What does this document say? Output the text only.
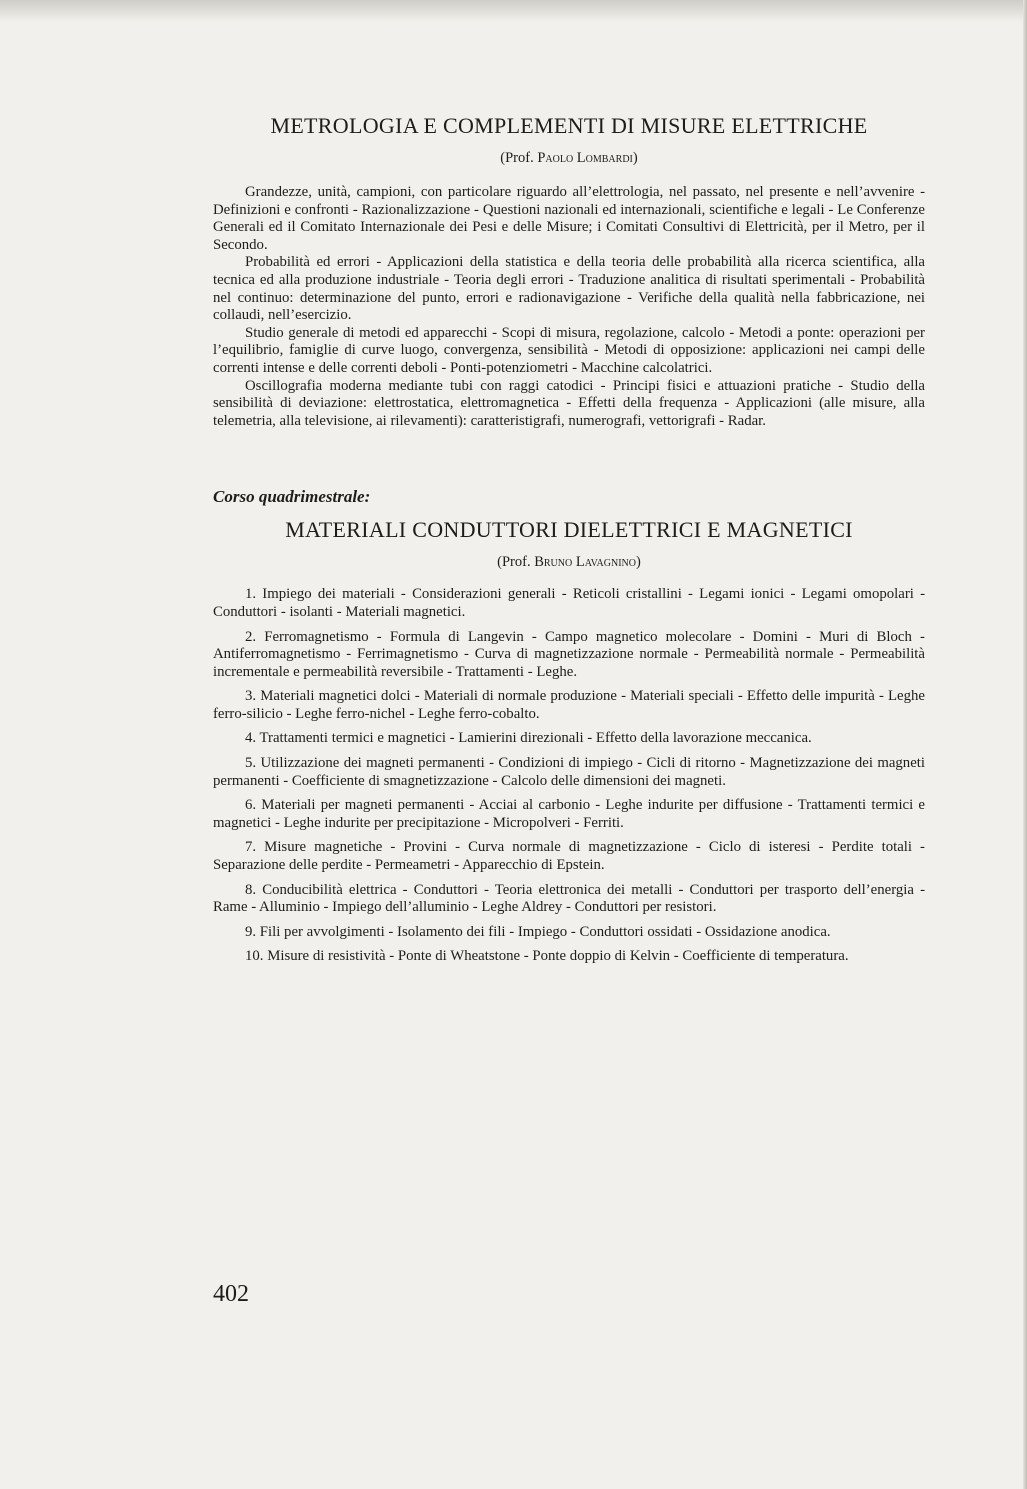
METROLOGIA E COMPLEMENTI DI MISURE ELETTRICHE
(Prof. Paolo Lombardi)

Grandezze, unità, campioni, con particolare riguardo all’elettrologia, nel passato, nel presente e nell’avvenire - Definizioni e confronti - Razionalizzazione - Questioni nazionali ed internazionali, scientifiche e legali - Le Conferenze Generali ed il Comitato Internazionale dei Pesi e delle Misure; i Comitati Consultivi di Elettricità, per il Metro, per il Secondo.

Probabilità ed errori - Applicazioni della statistica e della teoria delle probabilità alla ricerca scientifica, alla tecnica ed alla produzione industriale - Teoria degli errori - Traduzione analitica di risultati sperimentali - Probabilità nel continuo: determinazione del punto, errori e radionavigazione - Verifiche della qualità nella fabbricazione, nei collaudi, nell’esercizio.

Studio generale di metodi ed apparecchi - Scopi di misura, regolazione, calcolo - Metodi a ponte: operazioni per l’equilibrio, famiglie di curve luogo, convergenza, sensibilità - Metodi di opposizione: applicazioni nei campi delle correnti intense e delle correnti deboli - Ponti-potenziometri - Macchine calcolatrici.

Oscillografia moderna mediante tubi con raggi catodici - Principi fisici e attuazioni pratiche - Studio della sensibilità di deviazione: elettrostatica, elettromagnetica - Effetti della frequenza - Applicazioni (alle misure, alla telemetria, alla televisione, ai rilevamenti): caratteristigrafi, numerografi, vettorigrafi - Radar.

Corso quadrimestrale:
MATERIALI CONDUTTORI DIELETTRICI E MAGNETICI
(Prof. Bruno Lavagnino)

1. Impiego dei materiali - Considerazioni generali - Reticoli cristallini - Legami ionici - Legami omopolari - Conduttori - isolanti - Materiali magnetici.

2. Ferromagnetismo - Formula di Langevin - Campo magnetico molecolare - Domini - Muri di Bloch - Antiferromagnetismo - Ferrimagnetismo - Curva di magnetizzazione normale - Permeabilità normale - Permeabilità incrementale e permeabilità reversibile - Trattamenti - Leghe.

3. Materiali magnetici dolci - Materiali di normale produzione - Materiali speciali - Effetto delle impurità - Leghe ferro-silicio - Leghe ferro-nichel - Leghe ferro-cobalto.

4. Trattamenti termici e magnetici - Lamierini direzionali - Effetto della lavorazione meccanica.

5. Utilizzazione dei magneti permanenti - Condizioni di impiego - Cicli di ritorno - Magnetizzazione dei magneti permanenti - Coefficiente di smagnetizzazione - Calcolo delle dimensioni dei magneti.

6. Materiali per magneti permanenti - Acciai al carbonio - Leghe indurite per diffusione - Trattamenti termici e magnetici - Leghe indurite per precipitazione - Micropolveri - Ferriti.

7. Misure magnetiche - Provini - Curva normale di magnetizzazione - Ciclo di isteresi - Perdite totali - Separazione delle perdite - Permeametri - Apparecchio di Epstein.

8. Conducibilità elettrica - Conduttori - Teoria elettronica dei metalli - Conduttori per trasporto dell’energia - Rame - Alluminio - Impiego dell’alluminio - Leghe Aldrey - Conduttori per resistori.

9. Fili per avvolgimenti - Isolamento dei fili - Impiego - Conduttori ossidati - Ossidazione anodica.

10. Misure di resistività - Ponte di Wheatstone - Ponte doppio di Kelvin - Coefficiente di temperatura.

402
